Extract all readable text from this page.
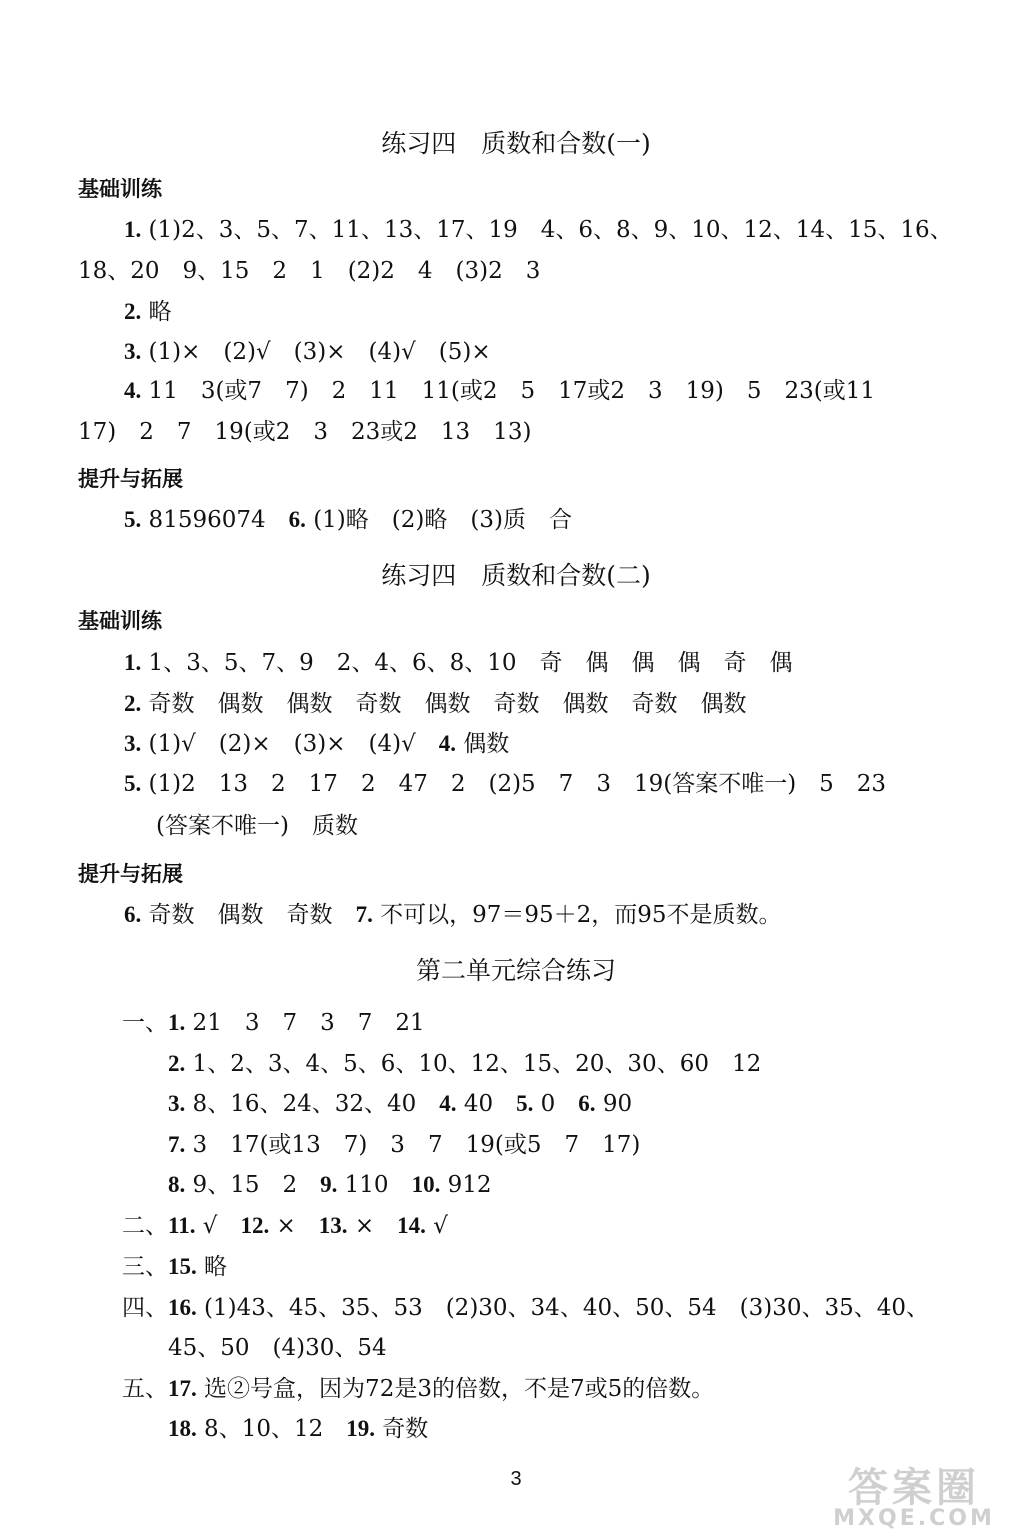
练习四　质数和合数(一)
基础训练
1. (1)2、3、5、7、11、13、17、19　4、6、8、9、10、12、14、15、16、
18、20　9、15　2　1　(2)2　4　(3)2　3
2. 略
3. (1)×　(2)√　(3)×　(4)√　(5)×
4. 11　3(或7　7)　2　11　11(或2　5　17或2　3　19)　5　23(或11
17)　2　7　19(或2　3　23或2　13　13)
提升与拓展
5. 81596074　6. (1)略　(2)略　(3)质　合
练习四　质数和合数(二)
基础训练
1. 1、3、5、7、9　2、4、6、8、10　奇　偶　偶　偶　奇　偶
2. 奇数　偶数　偶数　奇数　偶数　奇数　偶数　奇数　偶数
3. (1)√　(2)×　(3)×　(4)√　4. 偶数
5. (1)2　13　2　17　2　47　2　(2)5　7　3　19(答案不唯一)　5　23
(答案不唯一)　质数
提升与拓展
6. 奇数　偶数　奇数　7. 不可以，97＝95＋2，而95不是质数。
第二单元综合练习
一、1. 21　3　7　3　7　21
2. 1、2、3、4、5、6、10、12、15、20、30、60　12
3. 8、16、24、32、40　4. 40　5. 0　6. 90
7. 3　17(或13　7)　3　7　19(或5　7　17)
8. 9、15　2　9. 110　10. 912
二、11. √　12. ×　13. ×　14. √
三、15. 略
四、16. (1)43、45、35、53　(2)30、34、40、50、54　(3)30、35、40、
45、50　(4)30、54
五、17. 选②号盒，因为72是3的倍数，不是7或5的倍数。
18. 8、10、12　19. 奇数
3	答案圈
MXQE.COM
